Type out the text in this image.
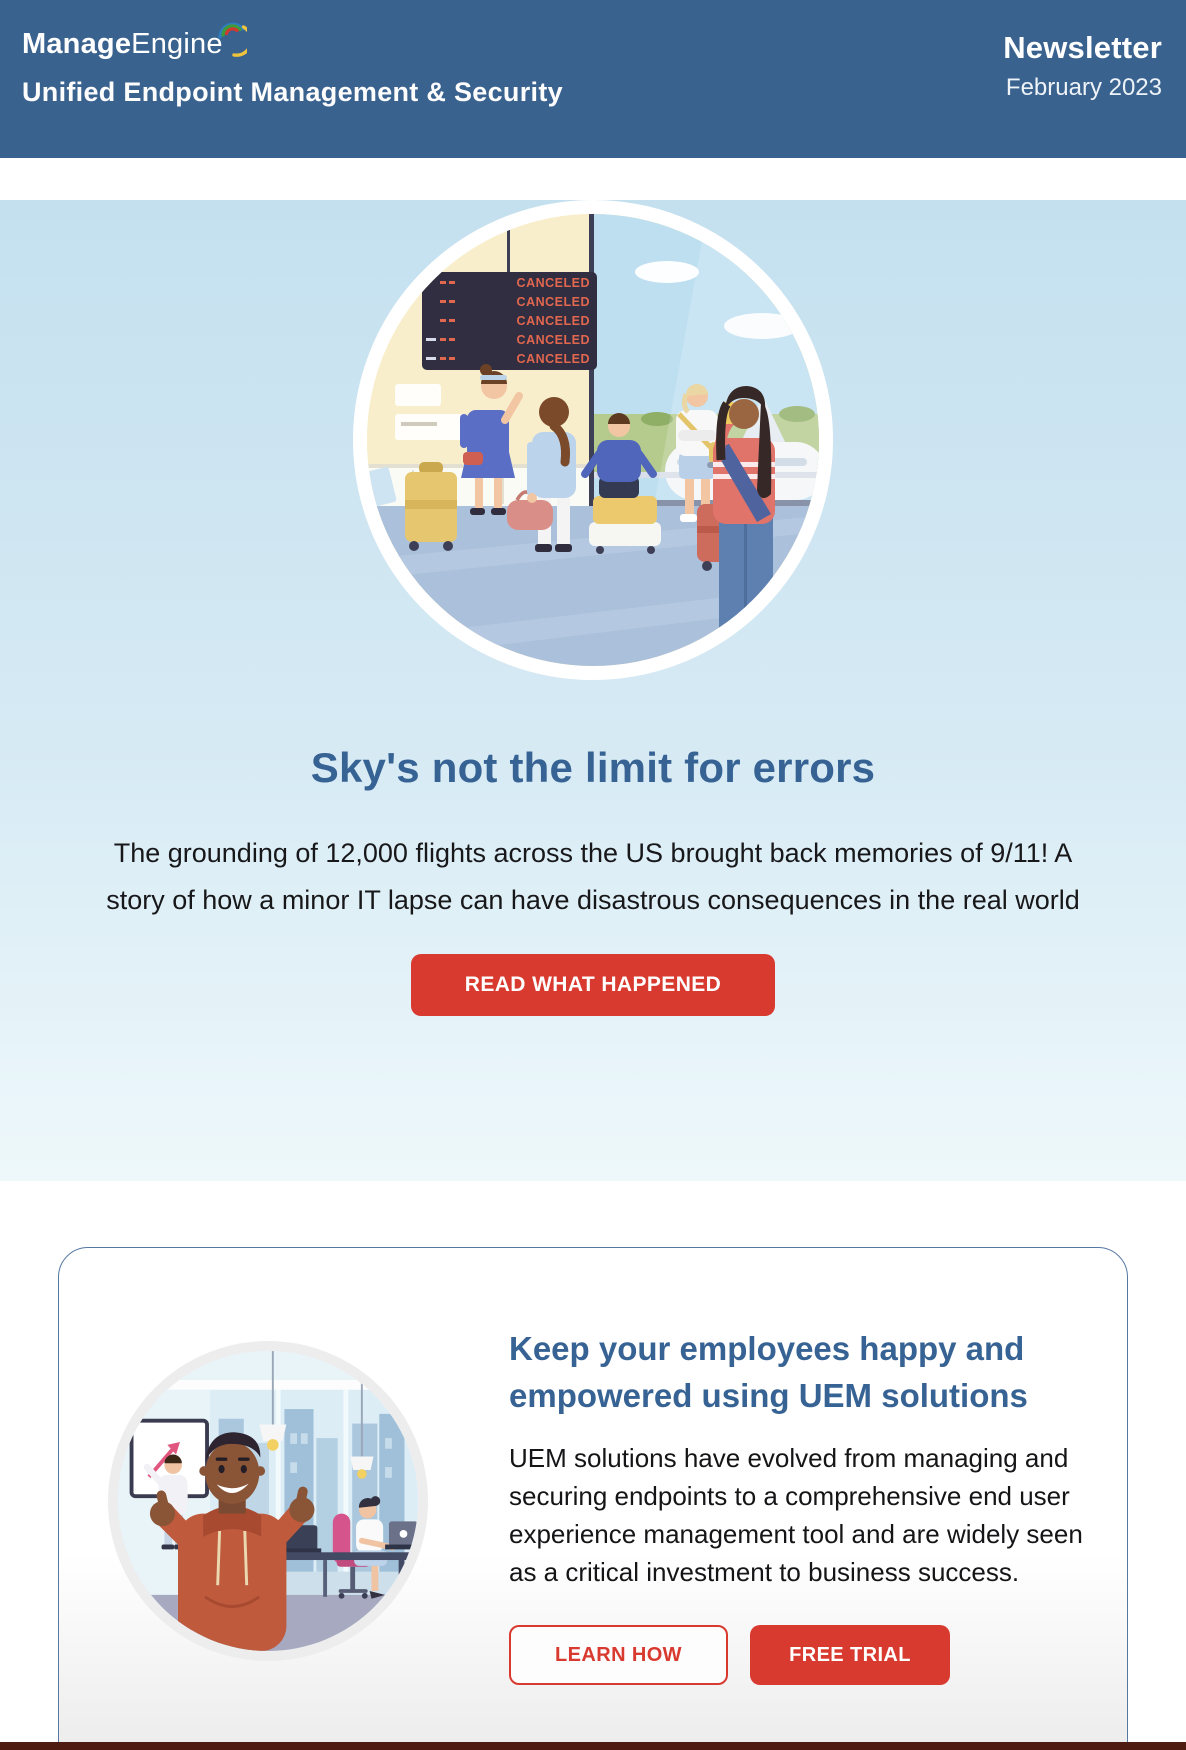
Manage Engine
Unified Endpoint Management & Security
Newsletter
February 2023
CANCELED
CANCELED
CANCELED
CANCELED
CANCELED
Sky's not the limit for errors

The grounding of 12,000 flights across the US brought back memories of 9/11! A story of how a minor IT lapse can have disastrous consequences in the real world

READ WHAT HAPPENED
Keep your employees happy and empowered using UEM solutions
UEM solutions have evolved from managing and securing endpoints to a comprehensive end user experience management tool and are widely seen as a critical investment to business success.
LEARN HOW	FREE TRIAL
